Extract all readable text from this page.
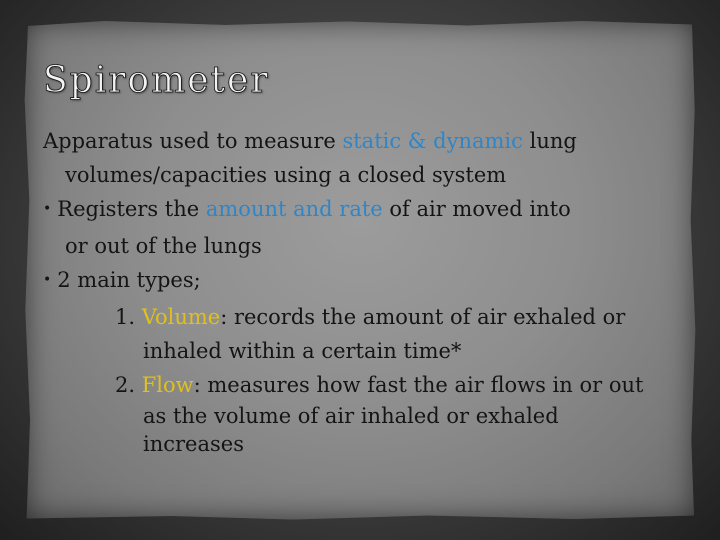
Spirometer
Apparatus used to measure static & dynamic lung
volumes/capacities using a closed system
• Registers the amount and rate of air moved into
or out of the lungs
• 2 main types;
1. Volume: records the amount of air exhaled or
inhaled within a certain time*
2. Flow: measures how fast the air flows in or out
as the volume of air inhaled or exhaled
increases
